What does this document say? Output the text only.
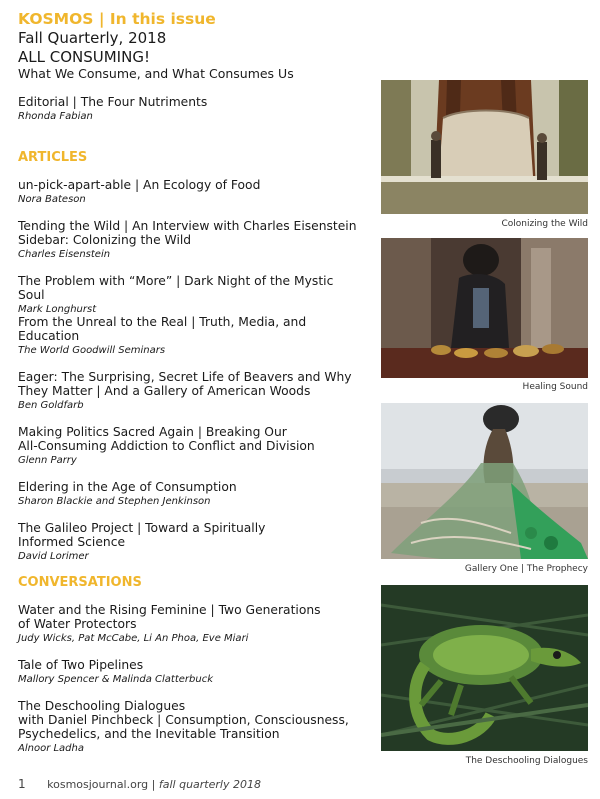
KOSMOS | In this issue
Fall Quarterly, 2018
ALL CONSUMING!
What We Consume, and What Consumes Us
Editorial | The Four Nutriments
Rhonda Fabian
ARTICLES
un-pick-apart-able | An Ecology of Food
Nora Bateson
Tending the Wild | An Interview with Charles Eisenstein
Sidebar: Colonizing the Wild
Charles Eisenstein
The Problem with “More” | Dark Night of the Mystic Soul
Mark Longhurst
From the Unreal to the Real | Truth, Media, and
Education
The World Goodwill Seminars
Eager: The Surprising, Secret Life of Beavers and Why
They Matter | And a Gallery of American Woods
Ben Goldfarb
Making Politics Sacred Again | Breaking Our
All-Consuming Addiction to Conflict and Division
Glenn Parry
Eldering in the Age of Consumption
Sharon Blackie and Stephen Jenkinson
The Galileo Project | Toward a Spiritually
Informed Science
David Lorimer
CONVERSATIONS
Water and the Rising Feminine | Two Generations
of Water Protectors
Judy Wicks, Pat McCabe, Li An Phoa, Eve Miari
Tale of Two Pipelines
Mallory Spencer & Malinda Clatterbuck
The Deschooling Dialogues
with Daniel Pinchbeck | Consumption, Consciousness,
Psychedelics, and the Inevitable Transition
Alnoor Ladha
Colonizing the Wild
Healing Sound
Gallery One | The Prophecy
The Deschooling Dialogues
1 kosmosjournal.org | fall quarterly 2018
